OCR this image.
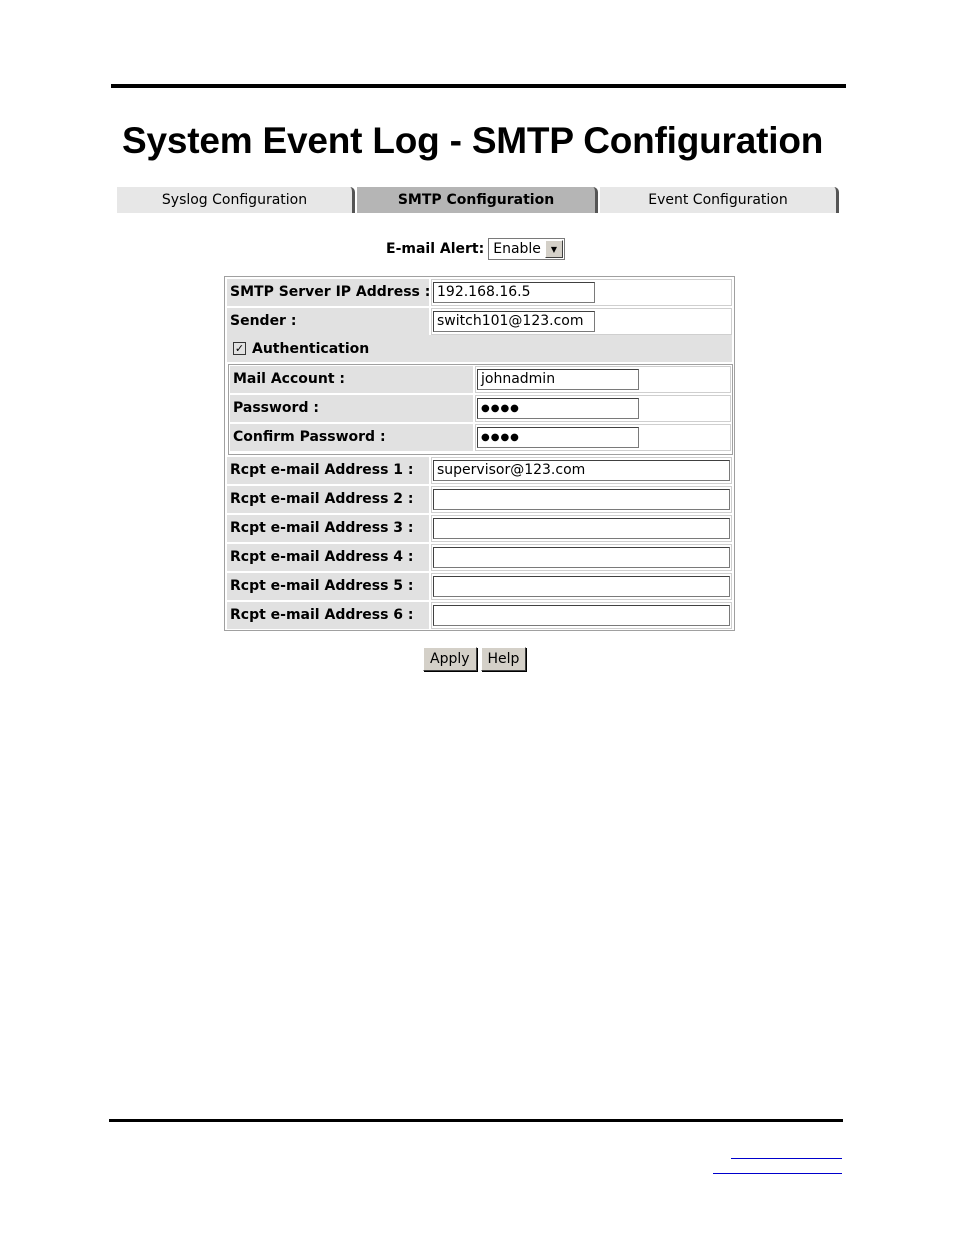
System Event Log - SMTP Configuration
Syslog Configuration	SMTP Configuration	Event Configuration
E-mail Alert: Enable	▼
SMTP Server IP Address : 192.168.16.5
Sender :	switch101@123.com
✓ Authentication
Mail Account :	johnadmin
Password :	●●●●
Confirm Password :	●●●●
Rcpt e-mail Address 1 :	supervisor@123.com
Rcpt e-mail Address 2 :
Rcpt e-mail Address 3 :
Rcpt e-mail Address 4 :
Rcpt e-mail Address 5 :
Rcpt e-mail Address 6 :
Apply	Help
